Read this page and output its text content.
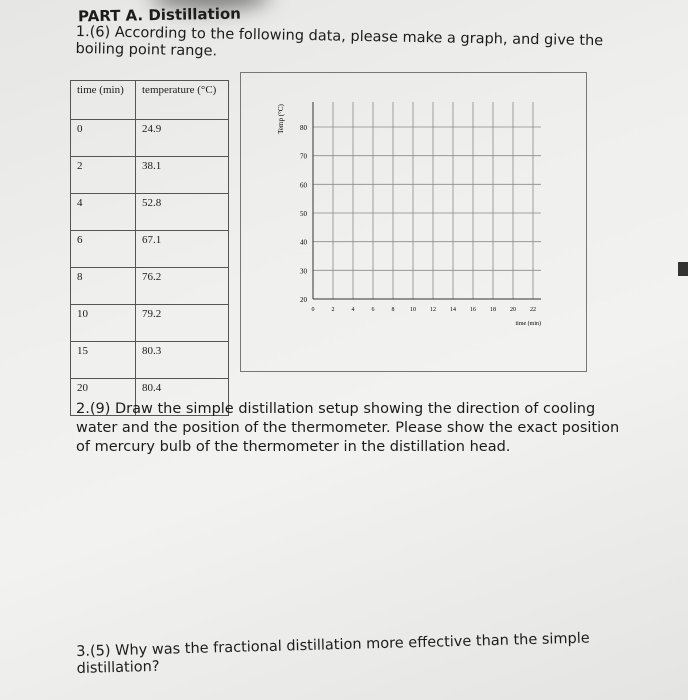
PART A. Distillation
1.(6) According to the following data, please make a graph, and give the boiling point range.
time (min)	temperature (°C)
0	24.9
2	38.1
4	52.8
6	67.1
8	76.2
10	79.2
15	80.3
20	80.4
20
30
40
50
60
70
80
0	2	4	6	8	10 12 14 16 18 20 22
time (min)
Temp (°C)
2.(9) Draw the simple distillation setup showing the direction of cooling water and the position of the thermometer. Please show the exact position of mercury bulb of the thermometer in the distillation head.
3.(5) Why was the fractional distillation more effective than the simple distillation?
